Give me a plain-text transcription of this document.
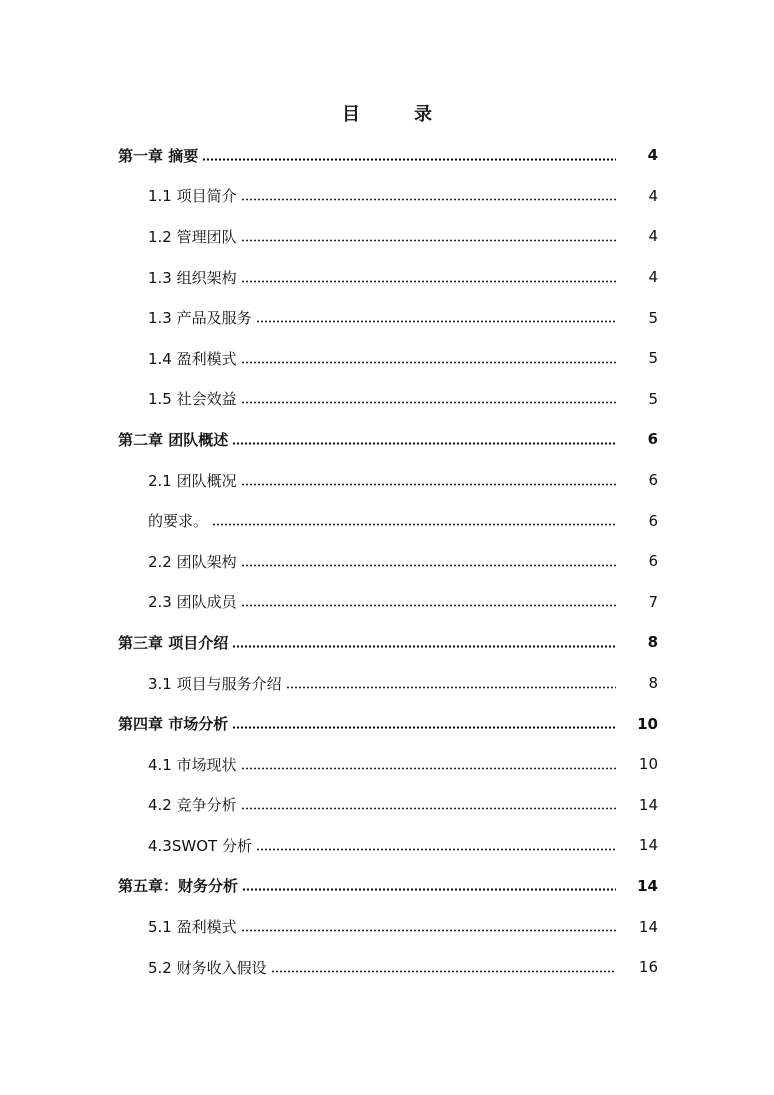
目　录
第一章 摘要	4
1.1 项目简介	4
1.2 管理团队	4
1.3 组织架构	4
1.3 产品及服务	5
1.4 盈利模式	5
1.5 社会效益	5
第二章 团队概述	6
2.1 团队概况	6
的要求。	6
2.2 团队架构	6
2.3 团队成员	7
第三章 项目介绍	8
3.1 项目与服务介绍	8
第四章 市场分析	10
4.1 市场现状	10
4.2 竞争分析	14
4.3SWOT 分析	14
第五章：财务分析	14
5.1 盈利模式	14
5.2 财务收入假设	16
